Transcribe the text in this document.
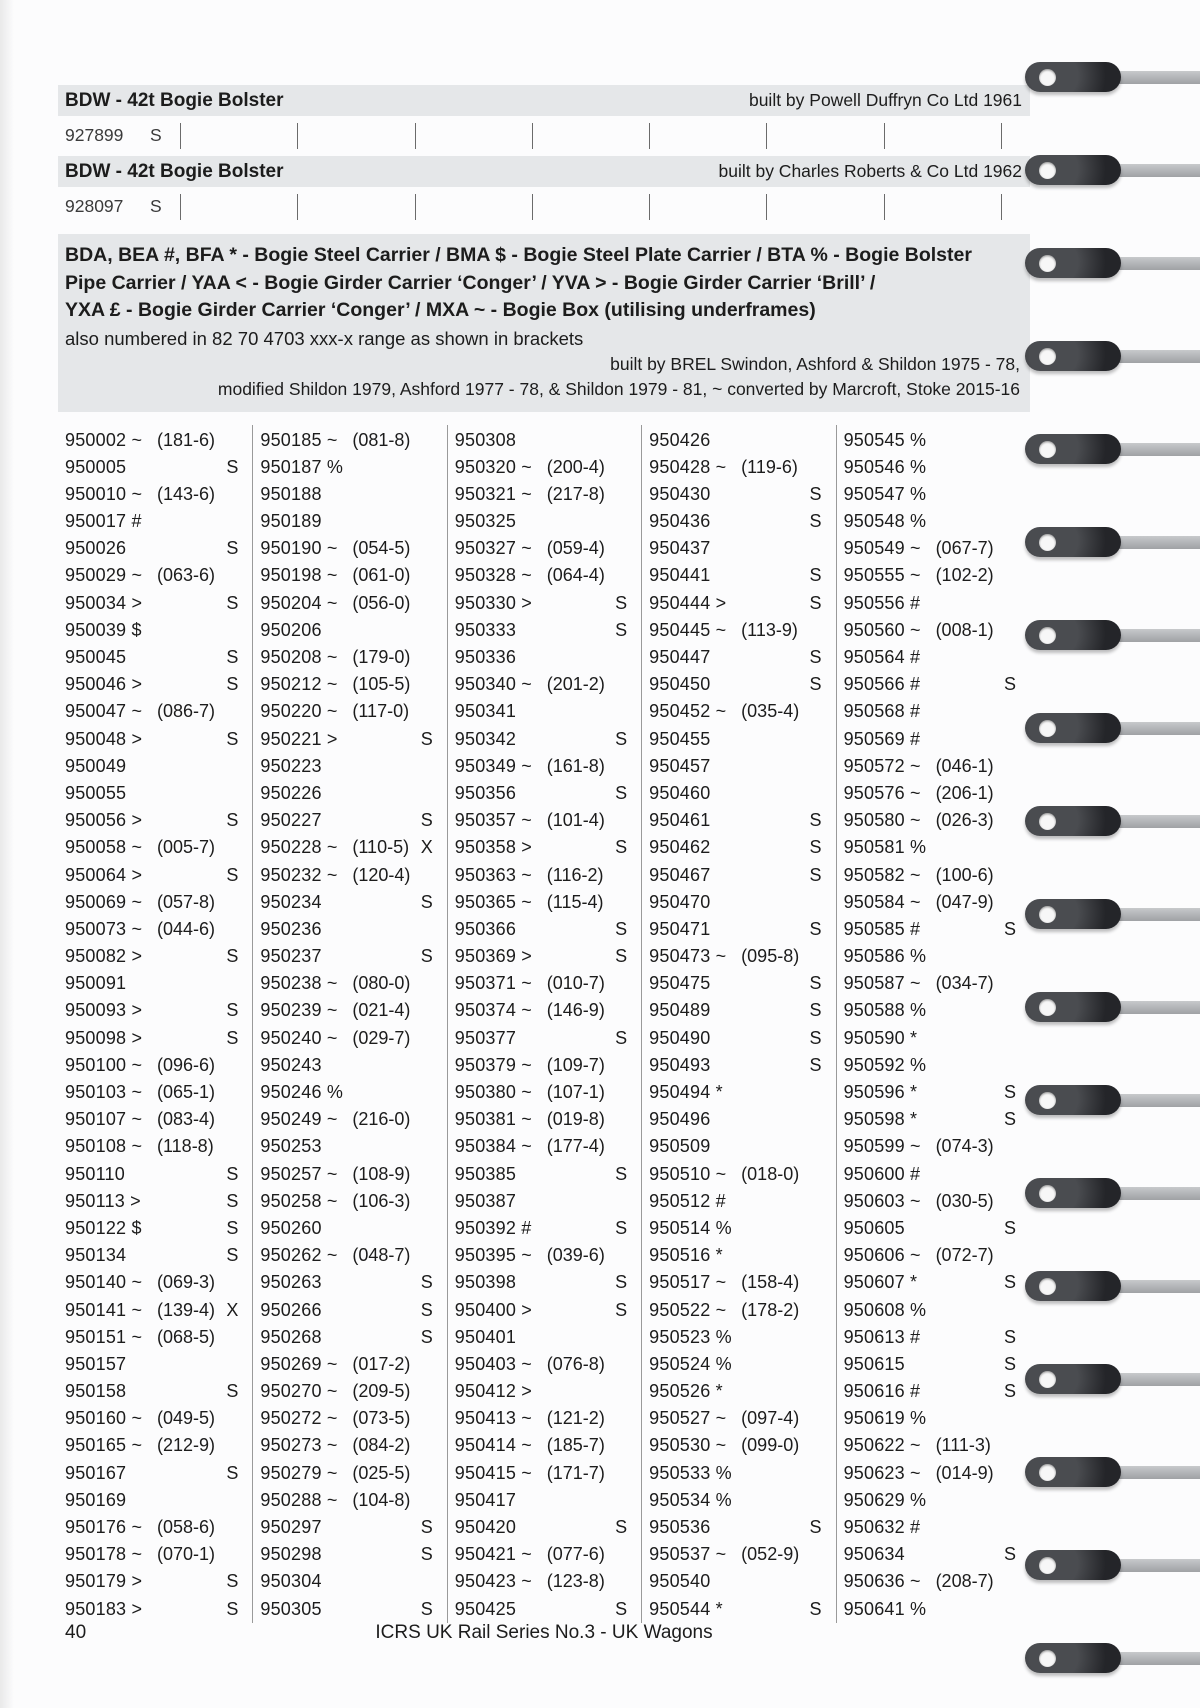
BDW - 42t Bogie Bolster	built by Powell Duffryn Co Ltd 1961
927899 S
BDW - 42t Bogie Bolster	built by Charles Roberts & Co Ltd 1962
928097 S
BDA, BEA #, BFA * - Bogie Steel Carrier / BMA $ - Bogie Steel Plate Carrier / BTA % - Bogie Bolster
Pipe Carrier / YAA < - Bogie Girder Carrier ‘Conger’ / YVA > - Bogie Girder Carrier ‘Brill’ /
YXA £ - Bogie Girder Carrier ‘Conger’ / MXA ~ - Bogie Box (utilising underframes)
also numbered in 82 70 4703 xxx-x range as shown in brackets
built by BREL Swindon, Ashford & Shildon 1975 - 78,
modified Shildon 1979, Ashford 1977 - 78, & Shildon 1979 - 81, ~ converted by Marcroft, Stoke 2015-16
950002 ~ (181-6)
950005	S
950010 ~ (143-6)
950017 #
950026	S
950029 ~ (063-6)
950034 >	S
950039 $
950045	S
950046 >	S
950047 ~ (086-7)
950048 >	S
950049
950055
950056 >	S
950058 ~ (005-7)
950064 >	S
950069 ~ (057-8)
950073 ~ (044-6)
950082 >	S
950091
950093 >	S
950098 >	S
950100 ~ (096-6)
950103 ~ (065-1)
950107 ~ (083-4)
950108 ~ (118-8)
950110	S
950113 >	S
950122 $	S
950134	S
950140 ~ (069-3)
950141 ~ (139-4) X
950151 ~ (068-5)
950157
950158	S
950160 ~ (049-5)
950165 ~ (212-9)
950167	S
950169
950176 ~ (058-6)
950178 ~ (070-1)
950179 >	S
950183 >	S
950185 ~ (081-8)
950187 %
950188
950189
950190 ~ (054-5)
950198 ~ (061-0)
950204 ~ (056-0)
950206
950208 ~ (179-0)
950212 ~ (105-5)
950220 ~ (117-0)
950221 >	S
950223
950226
950227	S
950228 ~ (110-5) X
950232 ~ (120-4)
950234	S
950236
950237	S
950238 ~ (080-0)
950239 ~ (021-4)
950240 ~ (029-7)
950243
950246 %
950249 ~ (216-0)
950253
950257 ~ (108-9)
950258 ~ (106-3)
950260
950262 ~ (048-7)
950263	S
950266	S
950268	S
950269 ~ (017-2)
950270 ~ (209-5)
950272 ~ (073-5)
950273 ~ (084-2)
950279 ~ (025-5)
950288 ~ (104-8)
950297	S
950298	S
950304
950305	S
950308
950320 ~ (200-4)
950321 ~ (217-8)
950325
950327 ~ (059-4)
950328 ~ (064-4)
950330 >	S
950333	S
950336
950340 ~ (201-2)
950341
950342	S
950349 ~ (161-8)
950356	S
950357 ~ (101-4)
950358 >	S
950363 ~ (116-2)
950365 ~ (115-4)
950366	S
950369 >	S
950371 ~ (010-7)
950374 ~ (146-9)
950377	S
950379 ~ (109-7)
950380 ~ (107-1)
950381 ~ (019-8)
950384 ~ (177-4)
950385	S
950387
950392 #	S
950395 ~ (039-6)
950398	S
950400 >	S
950401
950403 ~ (076-8)
950412 >
950413 ~ (121-2)
950414 ~ (185-7)
950415 ~ (171-7)
950417
950420	S
950421 ~ (077-6)
950423 ~ (123-8)
950425	S
950426
950428 ~ (119-6)
950430	S
950436	S
950437
950441	S
950444 >	S
950445 ~ (113-9)
950447	S
950450	S
950452 ~ (035-4)
950455
950457
950460
950461	S
950462	S
950467	S
950470
950471	S
950473 ~ (095-8)
950475	S
950489	S
950490	S
950493	S
950494 *
950496
950509
950510 ~ (018-0)
950512 #
950514 %
950516 *
950517 ~ (158-4)
950522 ~ (178-2)
950523 %
950524 %
950526 *
950527 ~ (097-4)
950530 ~ (099-0)
950533 %
950534 %
950536	S
950537 ~ (052-9)
950540
950544 *	S
950545 %
950546 %
950547 %
950548 %
950549 ~ (067-7)
950555 ~ (102-2)
950556 #
950560 ~ (008-1)
950564 #
950566 #	S
950568 #
950569 #
950572 ~ (046-1)
950576 ~ (206-1)
950580 ~ (026-3)
950581 %
950582 ~ (100-6)
950584 ~ (047-9)
950585 #	S
950586 %
950587 ~ (034-7)
950588 %
950590 *
950592 %
950596 *	S
950598 *	S
950599 ~ (074-3)
950600 #
950603 ~ (030-5)
950605	S
950606 ~ (072-7)
950607 *	S
950608 %
950613 #	S
950615	S
950616 #	S
950619 %
950622 ~ (111-3)
950623 ~ (014-9)
950629 %
950632 #
950634	S
950636 ~ (208-7)
950641 %
40	ICRS UK Rail Series No.3 - UK Wagons
